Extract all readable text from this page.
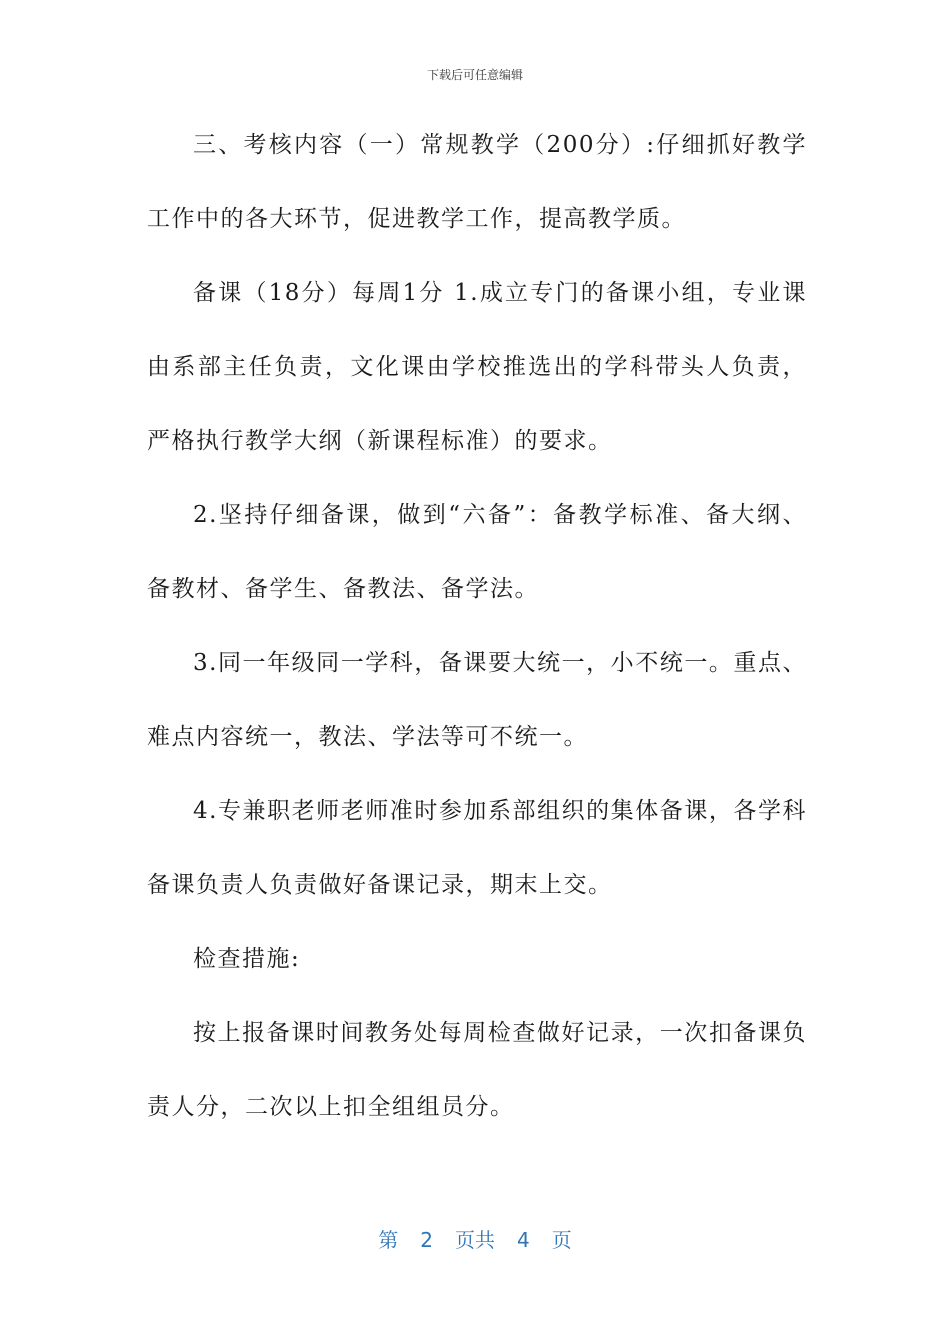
下载后可任意编辑

三、考核内容（一）常规教学（200分）:仔细抓好教学工作中的各大环节，促进教学工作，提高教学质。

备课（18分）每周1分 1.成立专门的备课小组，专业课由系部主任负责，文化课由学校推选出的学科带头人负责，严格执行教学大纲（新课程标准）的要求。

2.坚持仔细备课，做到“六备”：备教学标准、备大纲、备教材、备学生、备教法、备学法。

3.同一年级同一学科，备课要大统一，小不统一。重点、难点内容统一，教法、学法等可不统一。

4.专兼职老师老师准时参加系部组织的集体备课，各学科备课负责人负责做好备课记录，期末上交。

检查措施:

按上报备课时间教务处每周检查做好记录，一次扣备课负责人分，二次以上扣全组组员分。

第 2 页共 4 页
